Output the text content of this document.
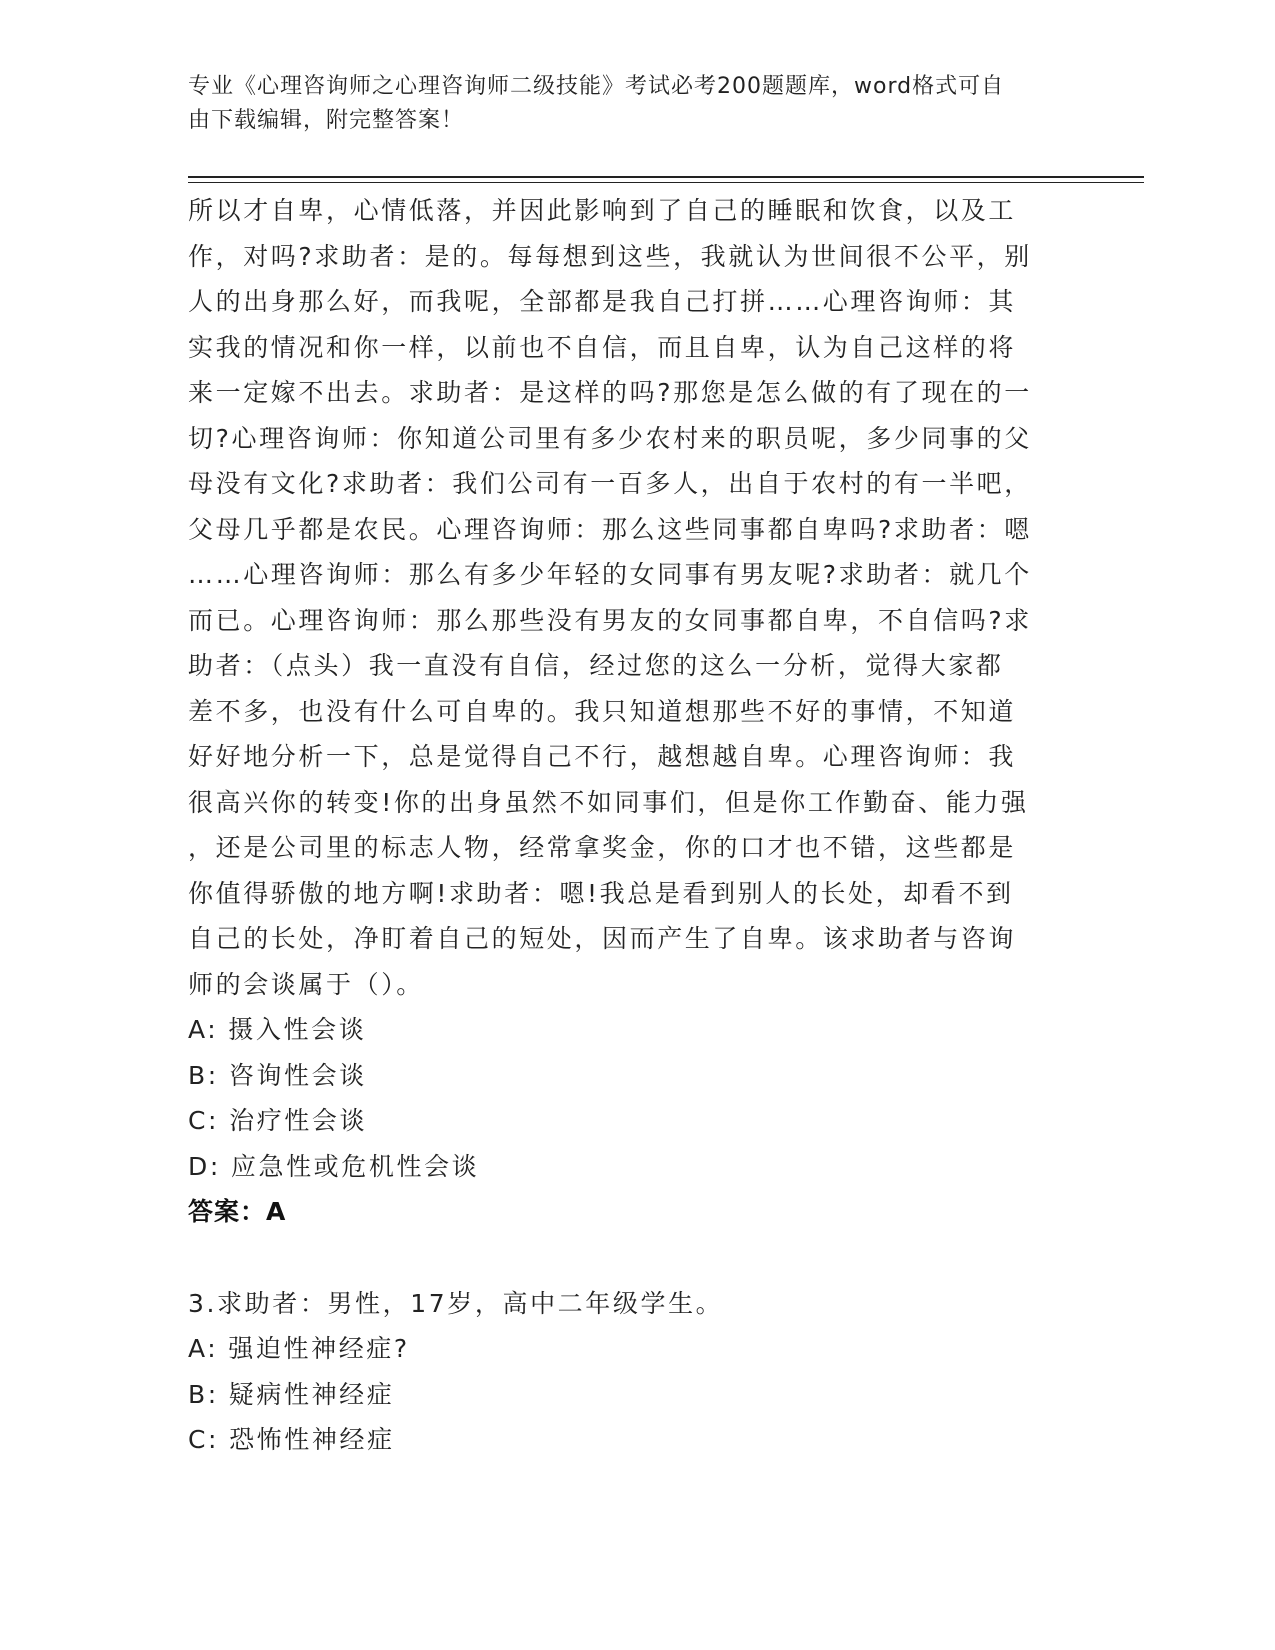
专业《心理咨询师之心理咨询师二级技能》考试必考200题题库，word格式可自
由下载编辑，附完整答案！

所以才自卑，心情低落，并因此影响到了自己的睡眠和饮食，以及工

作，对吗?求助者：是的。每每想到这些，我就认为世间很不公平，别

人的出身那么好，而我呢，全部都是我自己打拼……心理咨询师：其

实我的情况和你一样，以前也不自信，而且自卑，认为自己这样的将

来一定嫁不出去。求助者：是这样的吗?那您是怎么做的有了现在的一

切?心理咨询师：你知道公司里有多少农村来的职员呢，多少同事的父

母没有文化?求助者：我们公司有一百多人，出自于农村的有一半吧，

父母几乎都是农民。心理咨询师：那么这些同事都自卑吗?求助者：嗯

……心理咨询师：那么有多少年轻的女同事有男友呢?求助者：就几个

而已。心理咨询师：那么那些没有男友的女同事都自卑，不自信吗?求

助者：（点头）我一直没有自信，经过您的这么一分析，觉得大家都

差不多，也没有什么可自卑的。我只知道想那些不好的事情，不知道

好好地分析一下，总是觉得自己不行，越想越自卑。心理咨询师：我

很高兴你的转变!你的出身虽然不如同事们，但是你工作勤奋、能力强

，还是公司里的标志人物，经常拿奖金，你的口才也不错，这些都是

你值得骄傲的地方啊!求助者：嗯!我总是看到别人的长处，却看不到

自己的长处，净盯着自己的短处，因而产生了自卑。该求助者与咨询

师的会谈属于（）。

A: 摄入性会谈

B: 咨询性会谈

C: 治疗性会谈

D: 应急性或危机性会谈

答案：A

3.求助者：男性，17岁，高中二年级学生。

A: 强迫性神经症?

B: 疑病性神经症

C: 恐怖性神经症
